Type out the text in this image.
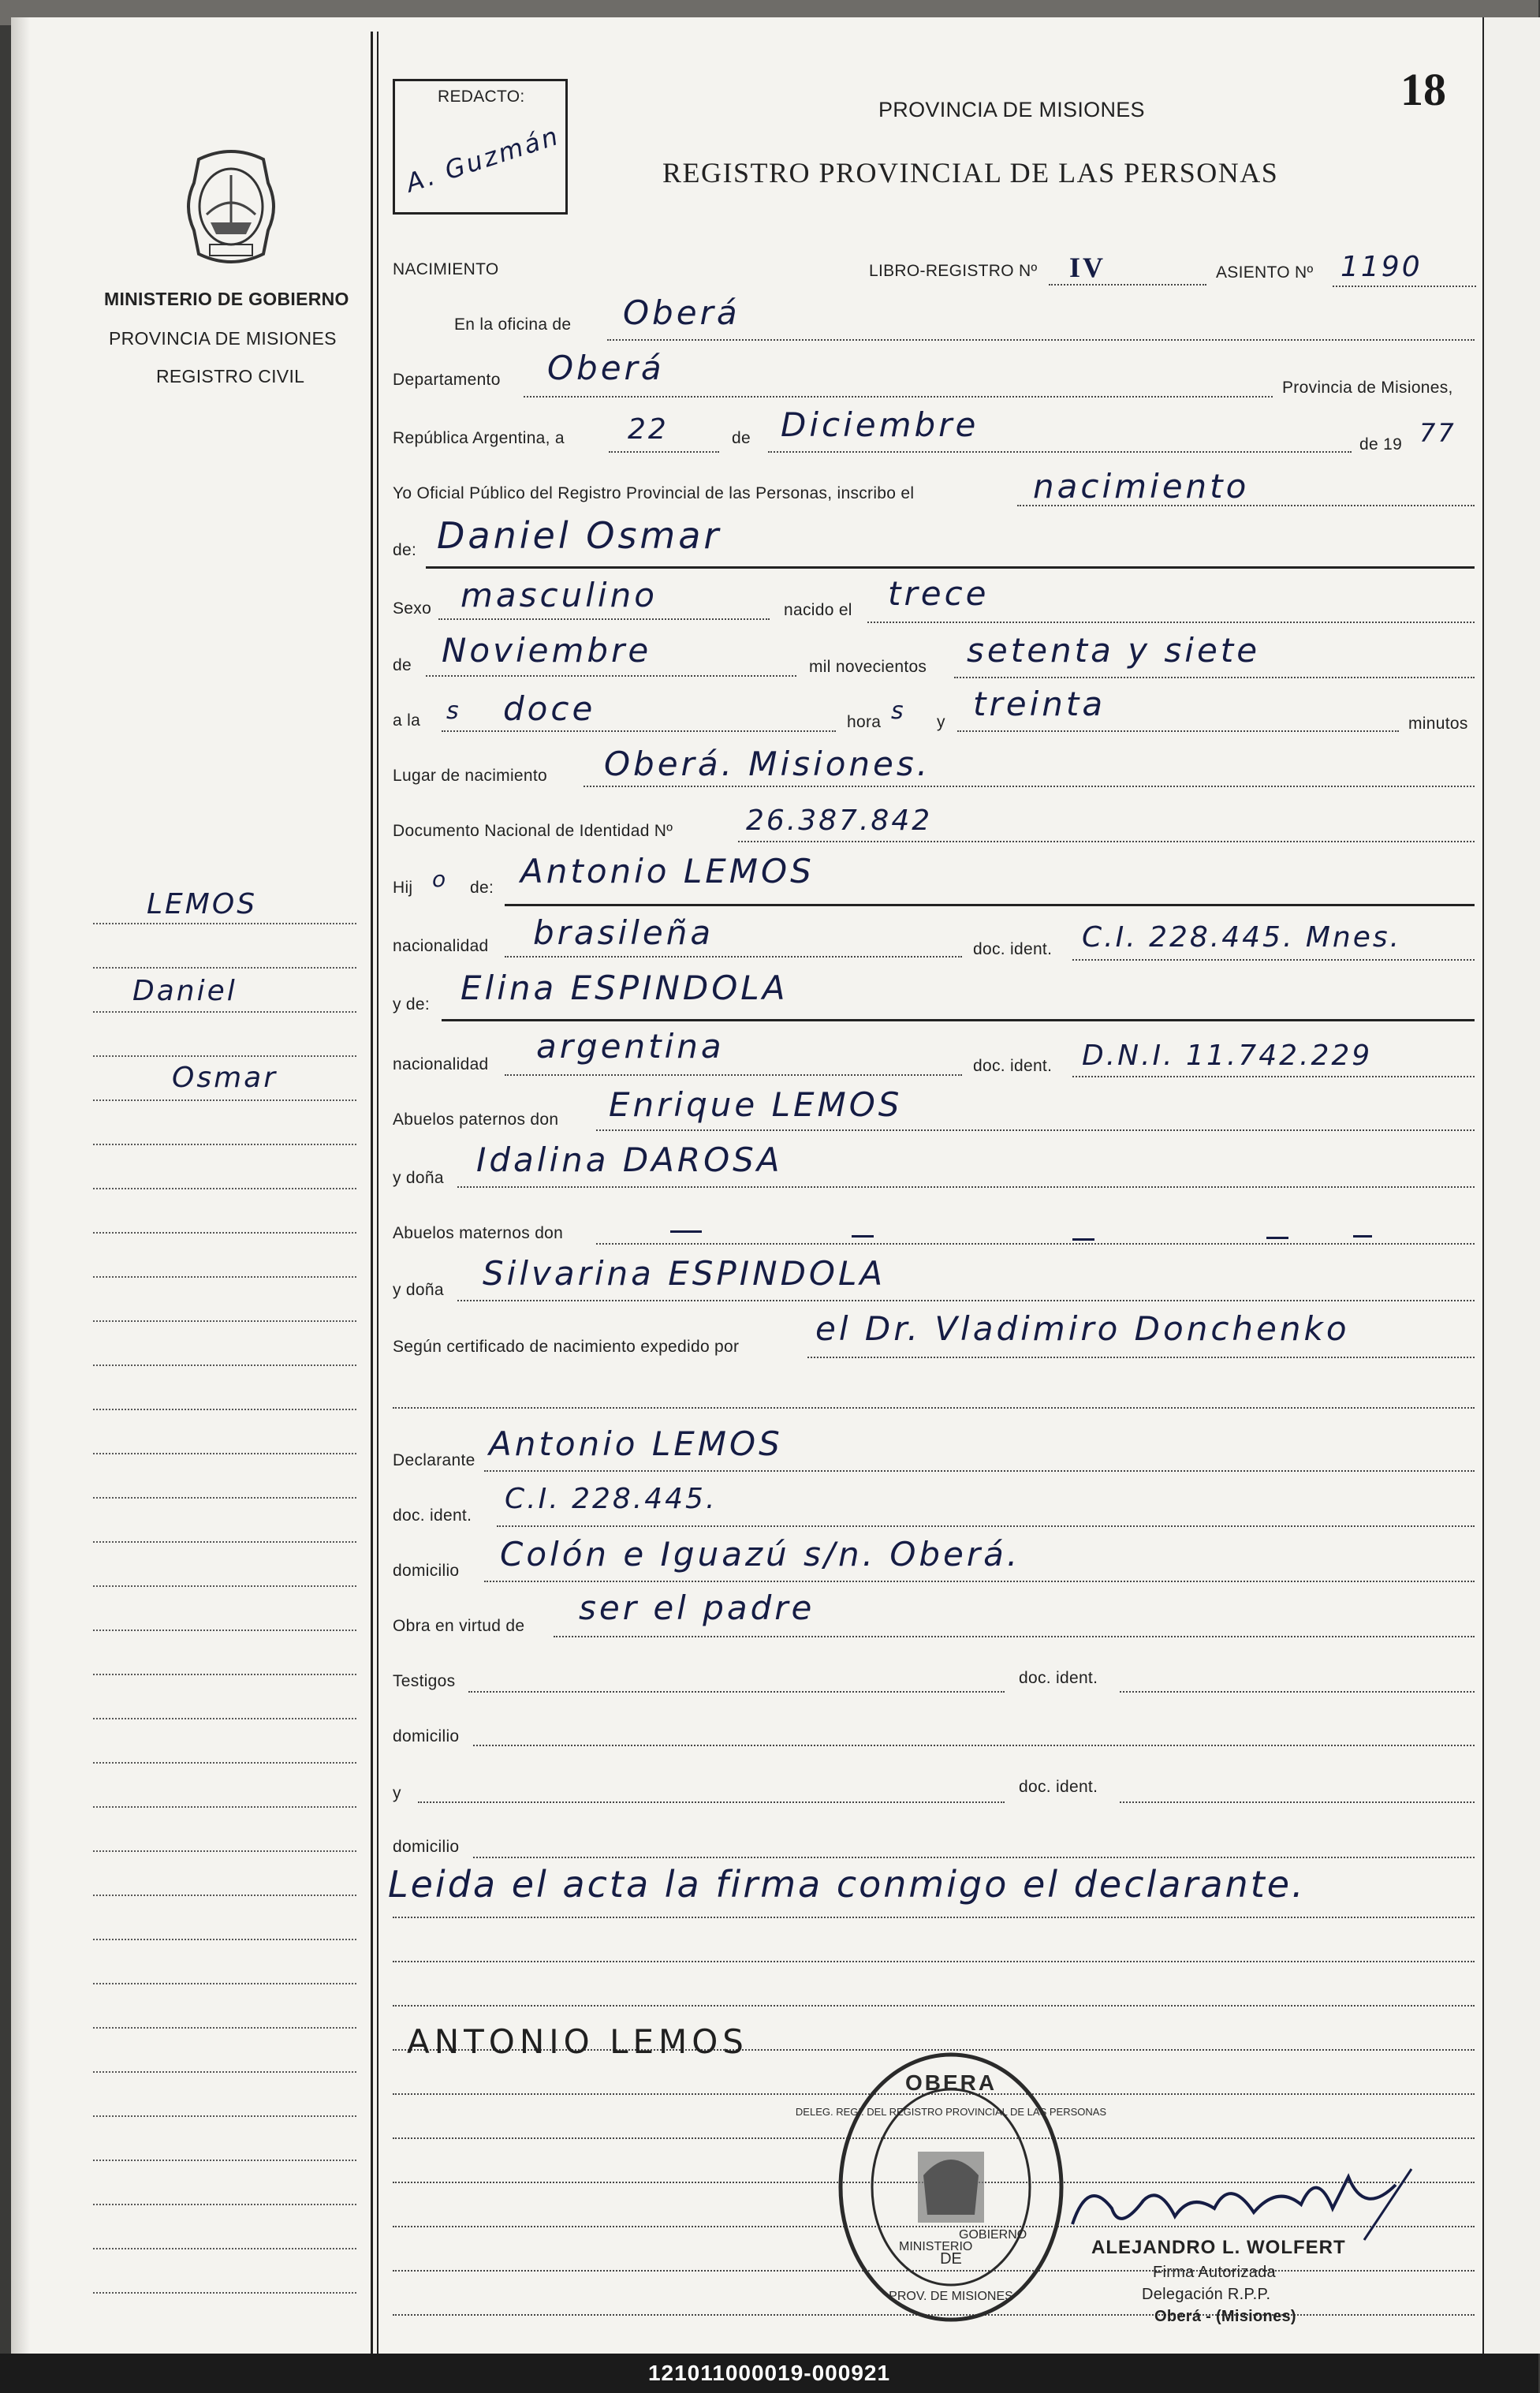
18
MINISTERIO DE GOBIERNO
PROVINCIA DE MISIONES
REGISTRO CIVIL
LEMOS
Daniel
Osmar
REDACTO:
A. Guzmán
PROVINCIA DE MISIONES
REGISTRO PROVINCIAL DE LAS PERSONAS
NACIMIENTO	LIBRO-REGISTRO Nº IV	ASIENTO Nº 1190
En la oficina de Oberá
Departamento Oberá
Provincia de Misiones,
República Argentina, a 22	de Diciembre
de 19 77
Yo Oficial Público del Registro Provincial de las Personas, inscribo el	nacimiento
de: Daniel Osmar
Sexo masculino	nacido el trece
de Noviembre	mil novecientos setenta y siete
a la s doce	hora s y treinta
minutos
Lugar de nacimiento Oberá. Misiones.
Documento Nacional de Identidad Nº	26.387.842
Hij o de: Antonio LEMOS
nacionalidad brasileña	doc. ident. C.I. 228.445. Mnes.
y de: Elina ESPINDOLA
nacionalidad argentina
doc. ident. D.N.I. 11.742.229
Abuelos paternos don Enrique LEMOS
y doña Idalina DAROSA
Abuelos maternos don
y doña Silvarina ESPINDOLA
Según certificado de nacimiento expedido por el Dr. Vladimiro Donchenko
Declarante Antonio LEMOS
doc. ident.
C.I. 228.445.
domicilio Colón e Iguazú s/n. Oberá.
Obra en virtud de ser el padre
Testigos	doc. ident.
domicilio
y	doc. ident.
domicilio
Leida el acta la firma conmigo el declarante.
ANTONIO LEMOS
OBERA
DE
PROV. DE MISIONES
DELEG. REGI. DEL REGISTRO PROVINCIAL DE LAS PERSONAS
MINISTERIO
GOBIERNO
ALEJANDRO L. WOLFERT
Firma Autorizada
Delegación R.P.P.
Oberá - (Misiones)
121011000019-000921
